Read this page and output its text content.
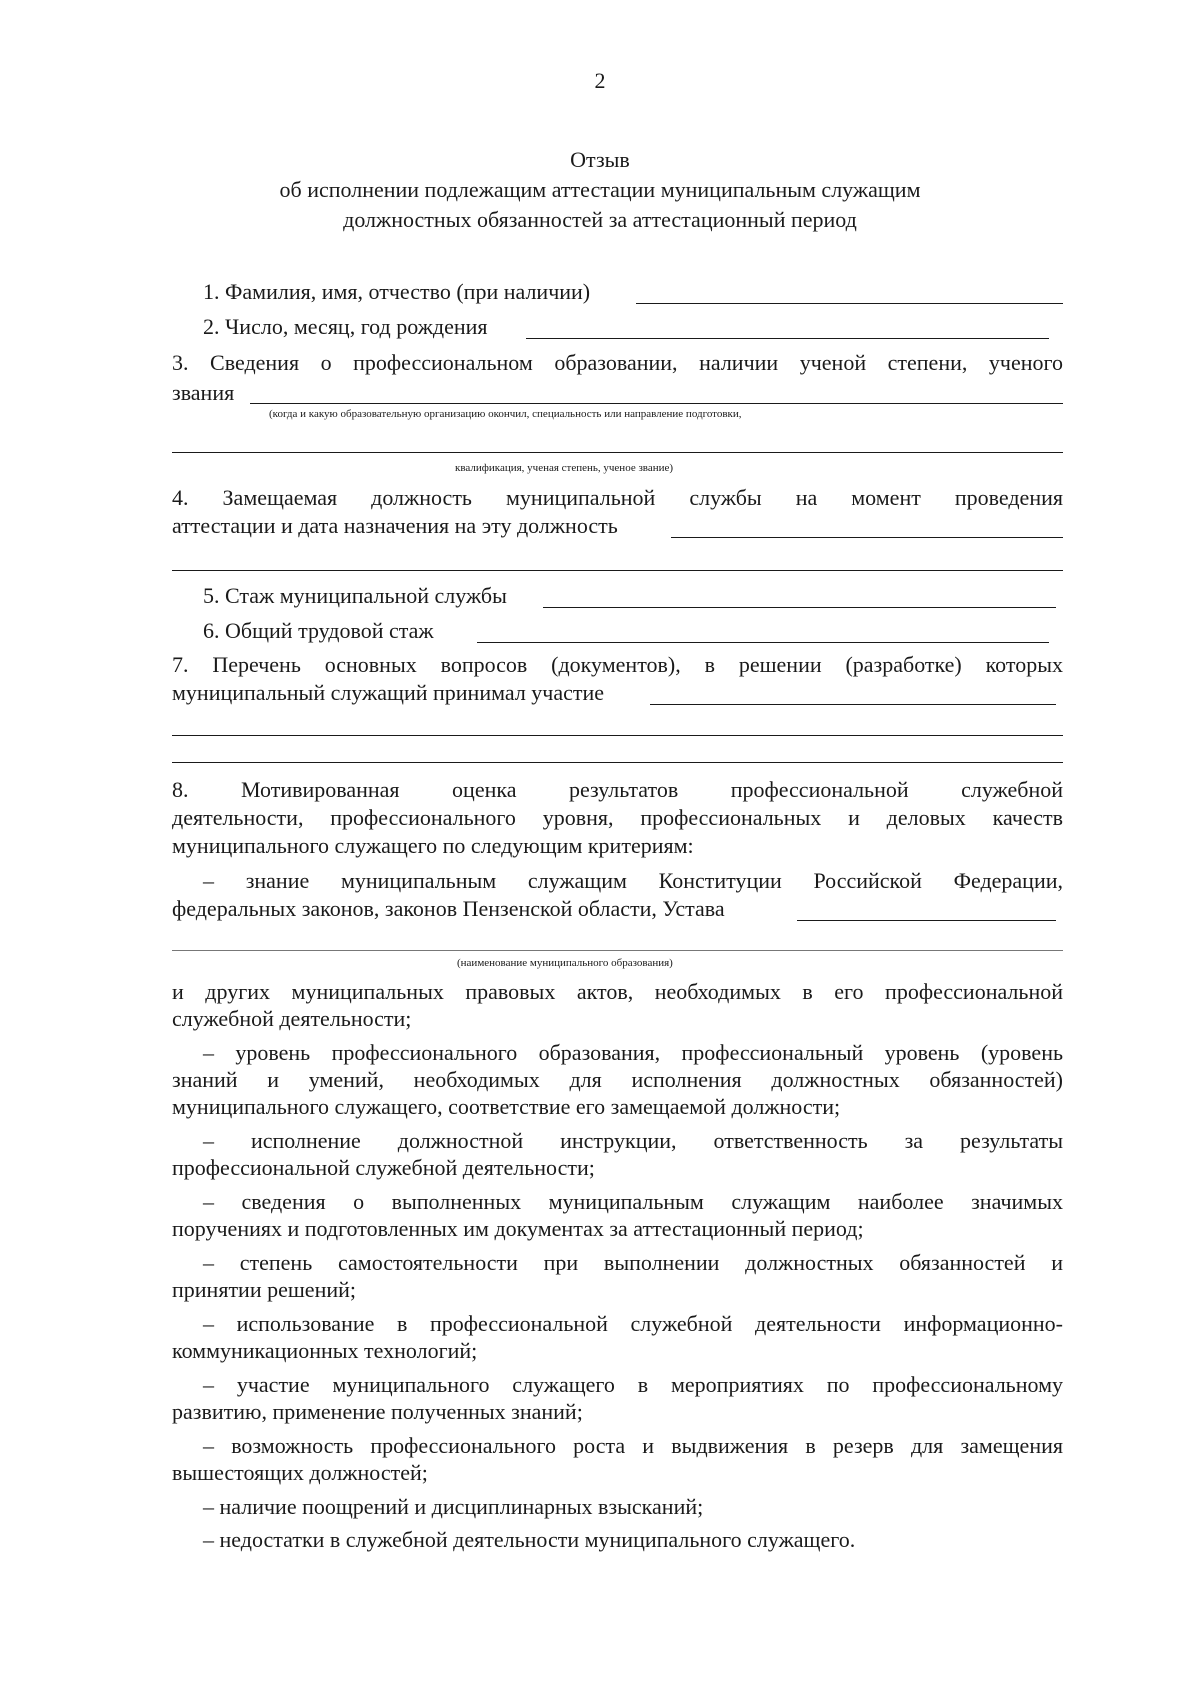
2
Отзыв
об исполнении подлежащим аттестации муниципальным служащим
должностных обязанностей за аттестационный период
1. Фамилия, имя, отчество (при наличии)
2. Число, месяц, год рождения
3. Сведения о профессиональном образовании, наличии ученой степени, ученого
звания
(когда и какую образовательную организацию окончил, специальность или направление подготовки,
квалификация, ученая степень, ученое звание)
4. Замещаемая должность муниципальной службы на момент проведения
аттестации и дата назначения на эту должность
5. Стаж муниципальной службы
6. Общий трудовой стаж
7. Перечень основных вопросов (документов), в решении (разработке) которых
муниципальный служащий принимал участие
8. Мотивированная оценка результатов профессиональной служебной
деятельности, профессионального уровня, профессиональных и деловых качеств
муниципального служащего по следующим критериям:
– знание муниципальным служащим Конституции Российской Федерации,
федеральных законов, законов Пензенской области, Устава
(наименование муниципального образования)
и других муниципальных правовых актов, необходимых в его профессиональной
служебной деятельности;
– уровень профессионального образования, профессиональный уровень (уровень
знаний и умений, необходимых для исполнения должностных обязанностей)
муниципального служащего, соответствие его замещаемой должности;
– исполнение должностной инструкции, ответственность за результаты
профессиональной служебной деятельности;
– сведения о выполненных муниципальным служащим наиболее значимых
поручениях и подготовленных им документах за аттестационный период;
– степень самостоятельности при выполнении должностных обязанностей и
принятии решений;
– использование в профессиональной служебной деятельности информационно-
коммуникационных технологий;
– участие муниципального служащего в мероприятиях по профессиональному
развитию, применение полученных знаний;
– возможность профессионального роста и выдвижения в резерв для замещения
вышестоящих должностей;
– наличие поощрений и дисциплинарных взысканий;
– недостатки в служебной деятельности муниципального служащего.
